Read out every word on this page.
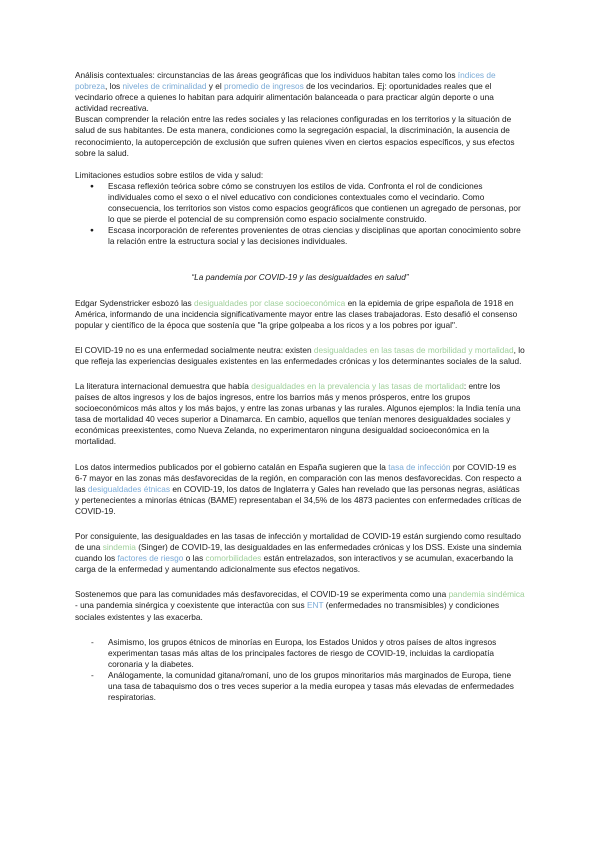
Análisis contextuales: circunstancias de las áreas geográficas que los individuos habitan tales como los índices de pobreza, los niveles de criminalidad y el promedio de ingresos de los vecindarios. Ej: oportunidades reales que el vecindario ofrece a quienes lo habitan para adquirir alimentación balanceada o para practicar algún deporte o una actividad recreativa.

Buscan comprender la relación entre las redes sociales y las relaciones configuradas en los territorios y la situación de salud de sus habitantes. De esta manera, condiciones como la segregación espacial, la discriminación, la ausencia de reconocimiento, la autopercepción de exclusión que sufren quienes viven en ciertos espacios específicos, y sus efectos sobre la salud.

Limitaciones estudios sobre estilos de vida y salud:

● Escasa reflexión teórica sobre cómo se construyen los estilos de vida. Confronta el rol de condiciones individuales como el sexo o el nivel educativo con condiciones contextuales como el vecindario. Como consecuencia, los territorios son vistos como espacios geográficos que contienen un agregado de personas, por lo que se pierde el potencial de su comprensión como espacio socialmente construido.
● Escasa incorporación de referentes provenientes de otras ciencias y disciplinas que aportan conocimiento sobre la relación entre la estructura social y las decisiones individuales.

“La pandemia por COVID-19 y las desigualdades en salud”

Edgar Sydenstricker esbozó las desigualdades por clase socioeconómica en la epidemia de gripe española de 1918 en América, informando de una incidencia significativamente mayor entre las clases trabajadoras. Esto desafió el consenso popular y científico de la época que sostenía que "la gripe golpeaba a los ricos y a los pobres por igual".

El COVID-19 no es una enfermedad socialmente neutra: existen desigualdades en las tasas de morbilidad y mortalidad, lo que refleja las experiencias desiguales existentes en las enfermedades crónicas y los determinantes sociales de la salud.

La literatura internacional demuestra que había desigualdades en la prevalencia y las tasas de mortalidad: entre los países de altos ingresos y los de bajos ingresos, entre los barrios más y menos prósperos, entre los grupos socioeconómicos más altos y los más bajos, y entre las zonas urbanas y las rurales. Algunos ejemplos: la India tenía una tasa de mortalidad 40 veces superior a Dinamarca. En cambio, aquellos que tenían menores desigualdades sociales y económicas preexistentes, como Nueva Zelanda, no experimentaron ninguna desigualdad socioeconómica en la mortalidad.

Los datos intermedios publicados por el gobierno catalán en España sugieren que la tasa de infección por COVID-19 es 6-7 mayor en las zonas más desfavorecidas de la región, en comparación con las menos desfavorecidas. Con respecto a las desigualdades étnicas en COVID-19, los datos de Inglaterra y Gales han revelado que las personas negras, asiáticas y pertenecientes a minorías étnicas (BAME) representaban el 34,5% de los 4873 pacientes con enfermedades críticas de COVID-19.

Por consiguiente, las desigualdades en las tasas de infección y mortalidad de COVID-19 están surgiendo como resultado de una sindemia (Singer) de COVID-19, las desigualdades en las enfermedades crónicas y los DSS. Existe una sindemia cuando los factores de riesgo o las comorbilidades están entrelazados, son interactivos y se acumulan, exacerbando la carga de la enfermedad y aumentando adicionalmente sus efectos negativos.

Sostenemos que para las comunidades más desfavorecidas, el COVID-19 se experimenta como una pandemia sindémica - una pandemia sinérgica y coexistente que interactúa con sus ENT (enfermedades no transmisibles) y condiciones sociales existentes y las exacerba.

- Asimismo, los grupos étnicos de minorías en Europa, los Estados Unidos y otros países de altos ingresos experimentan tasas más altas de los principales factores de riesgo de COVID-19, incluidas la cardiopatía coronaria y la diabetes.
- Análogamente, la comunidad gitana/romaní, uno de los grupos minoritarios más marginados de Europa, tiene una tasa de tabaquismo dos o tres veces superior a la media europea y tasas más elevadas de enfermedades respiratorias.
